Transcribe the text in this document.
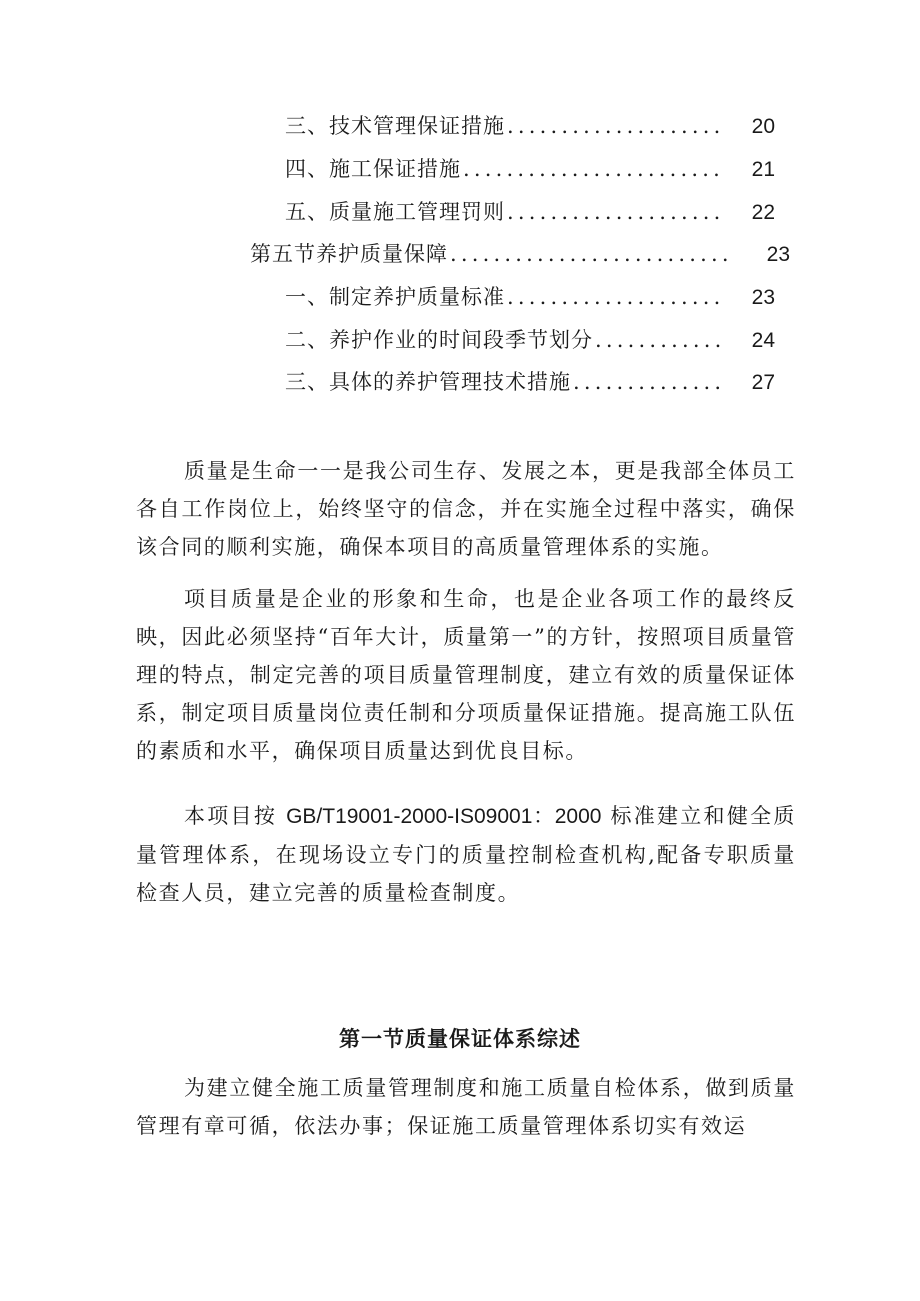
三、技术管理保证措施 ....................	20
四、施工保证措施 ........................	21
五、质量施工管理罚则 ....................	22
第五节养护质量保障 ..........................	23
一、制定养护质量标准 ....................	23
二、养护作业的时间段季节划分 ............	24
三、具体的养护管理技术措施 ..............	27

质量是生命一一是我公司生存、发展之本，更是我部全体员工各自工作岗位上，始终坚守的信念，并在实施全过程中落实，确保该合同的顺利实施，确保本项目的高质量管理体系的实施。

项目质量是企业的形象和生命，也是企业各项工作的最终反映，因此必须坚持“百年大计，质量第一”的方针，按照项目质量管理的特点，制定完善的项目质量管理制度，建立有效的质量保证体系，制定项目质量岗位责任制和分项质量保证措施。提高施工队伍的素质和水平，确保项目质量达到优良目标。

本项目按 GB/T19001-2000-IS09001：2000 标准建立和健全质量管理体系，在现场设立专门的质量控制检查机构,配备专职质量检查人员，建立完善的质量检查制度。

第一节质量保证体系综述

为建立健全施工质量管理制度和施工质量自检体系，做到质量管理有章可循，依法办事；保证施工质量管理体系切实有效运
